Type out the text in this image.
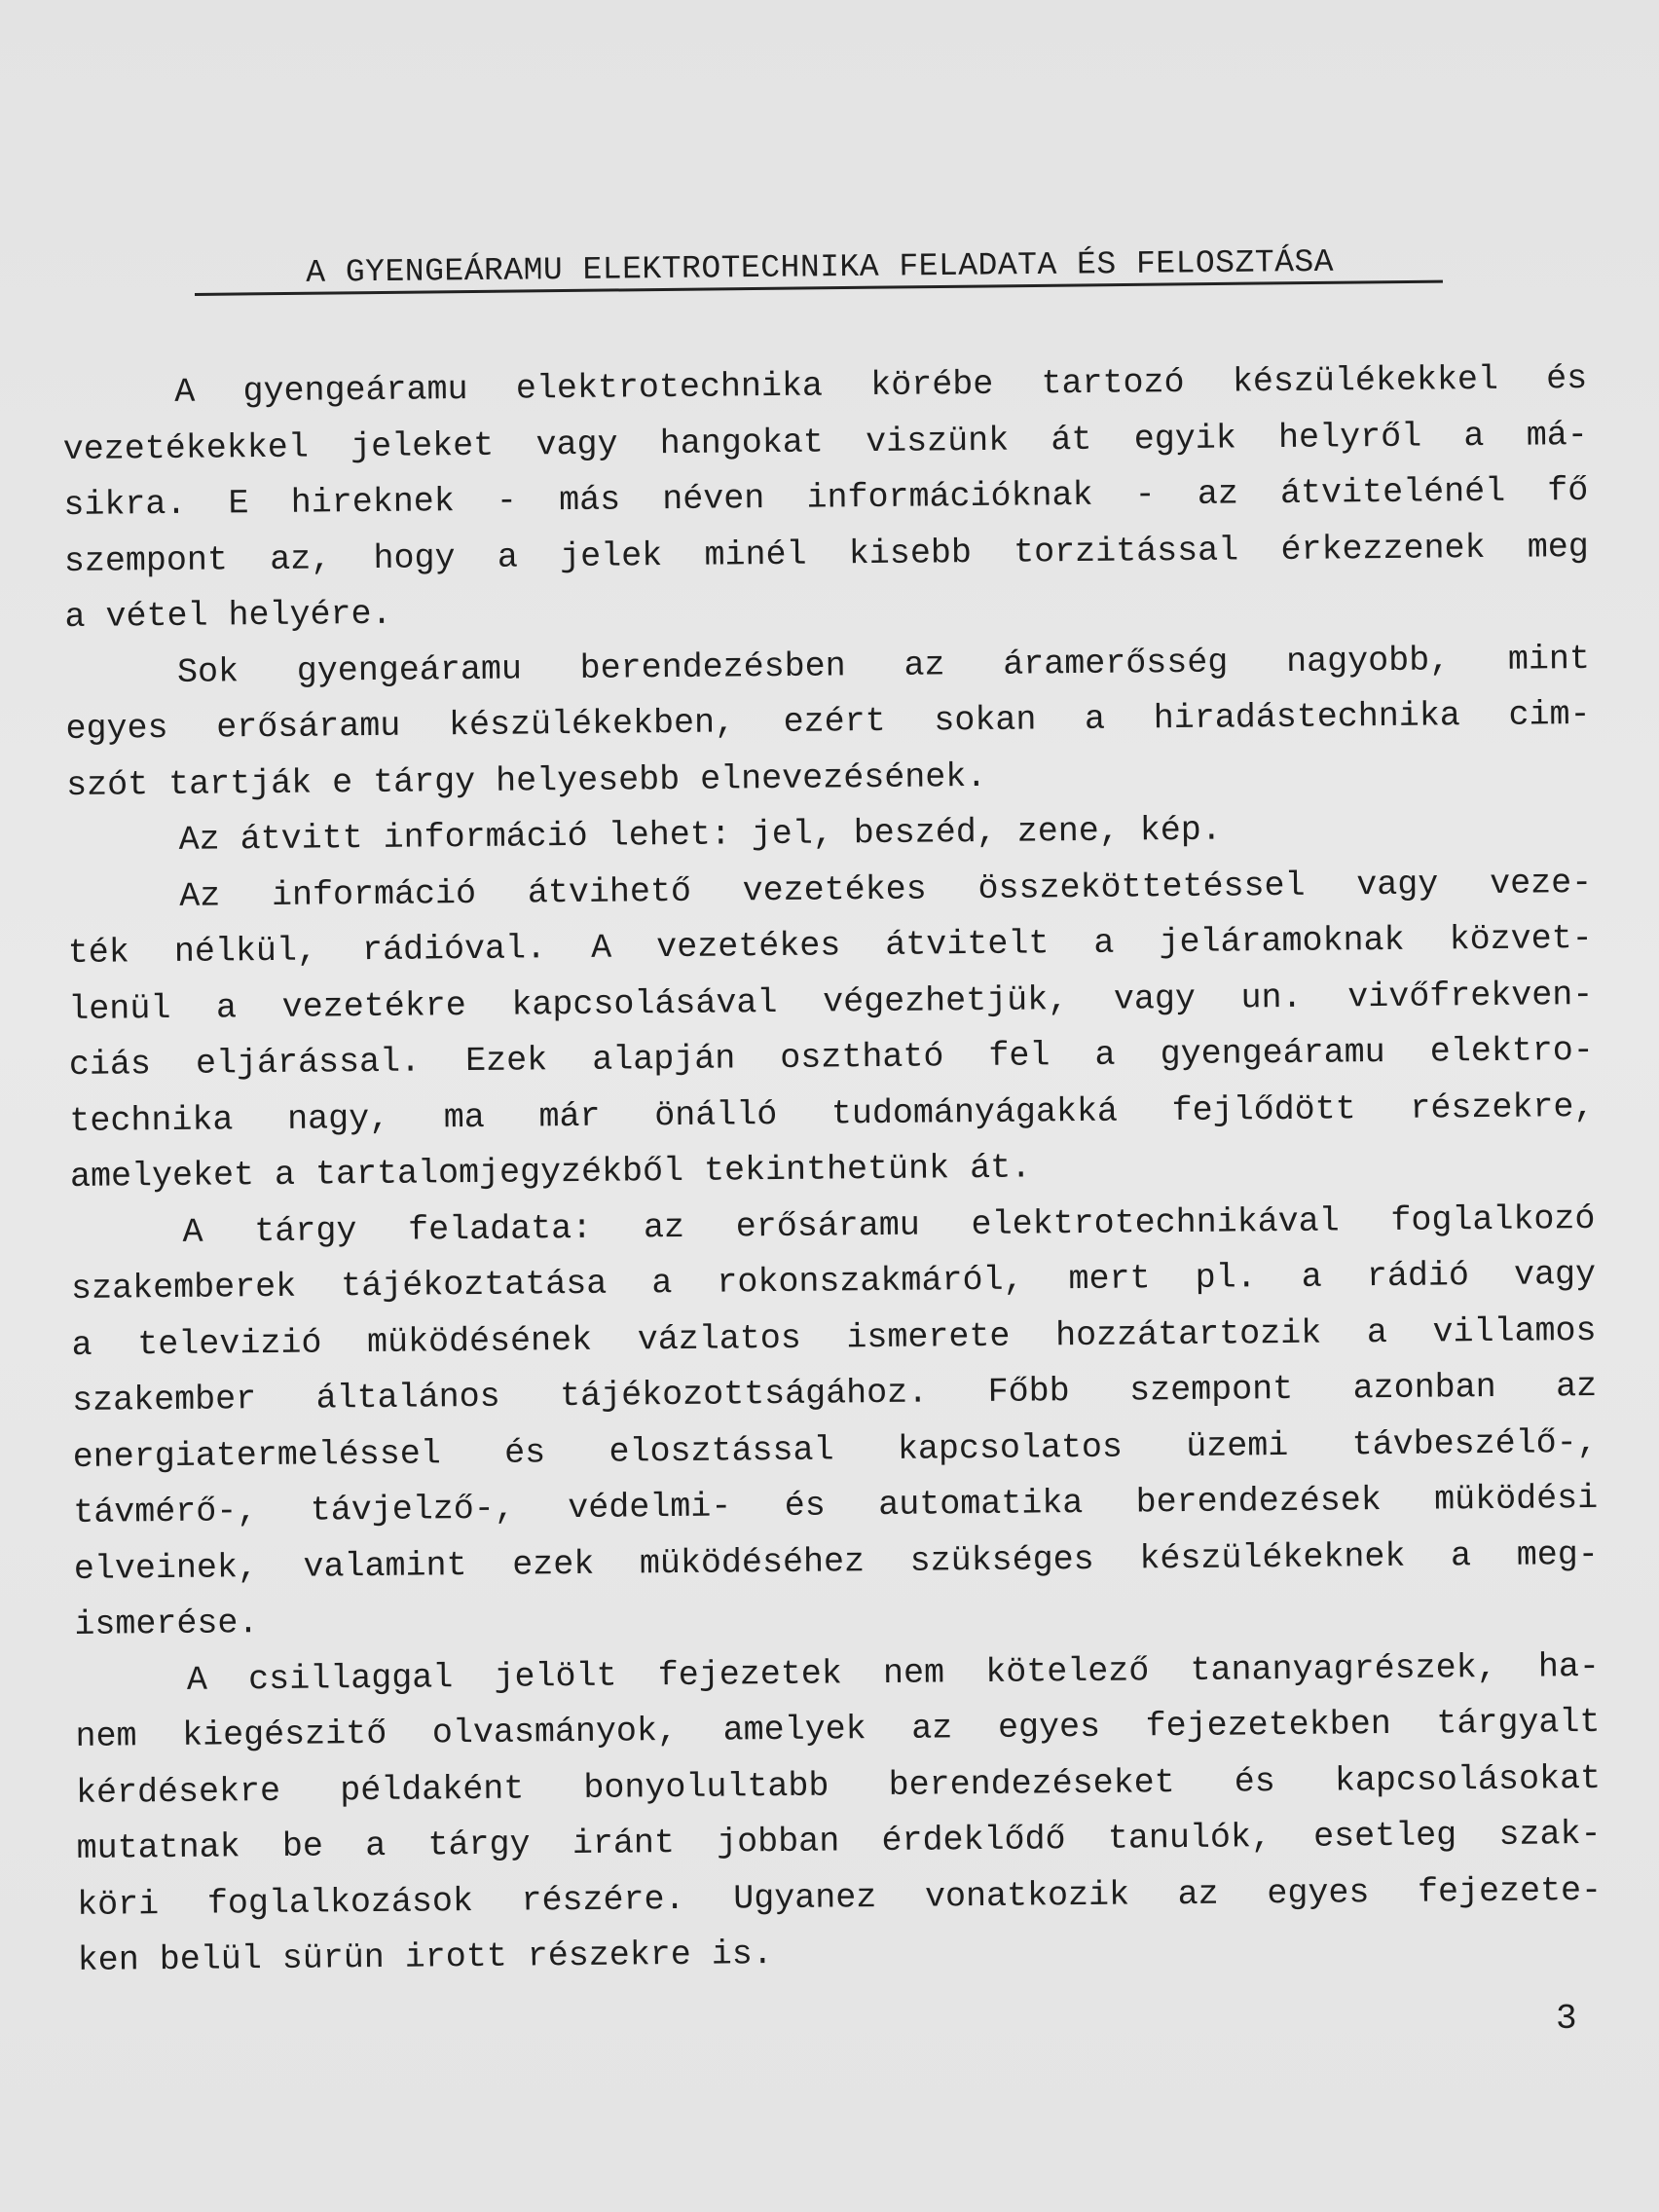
A GYENGEÁRAMU ELEKTROTECHNIKA FELADATA ÉS FELOSZTÁSA
A gyengeáramu elektrotechnika körébe tartozó készülékekkel és
vezetékekkel jeleket vagy hangokat viszünk át egyik helyről a má-
sikra. E hireknek - más néven információknak - az átvitelénél fő
szempont az, hogy a jelek minél kisebb torzitással érkezzenek meg
a vétel helyére.
Sok gyengeáramu berendezésben az áramerősség nagyobb, mint
egyes erősáramu készülékekben, ezért sokan a hiradástechnika cim-
szót tartják e tárgy helyesebb elnevezésének.
Az átvitt információ lehet: jel, beszéd, zene, kép.
Az információ átvihető vezetékes összeköttetéssel vagy veze-
ték nélkül, rádióval. A vezetékes átvitelt a jeláramoknak közvet-
lenül a vezetékre kapcsolásával végezhetjük, vagy un. vivőfrekven-
ciás eljárással. Ezek alapján osztható fel a gyengeáramu elektro-
technika nagy, ma már önálló tudományágakká fejlődött részekre,
amelyeket a tartalomjegyzékből tekinthetünk át.
A tárgy feladata: az erősáramu elektrotechnikával foglalkozó
szakemberek tájékoztatása a rokonszakmáról, mert pl. a rádió vagy
a televizió müködésének vázlatos ismerete hozzátartozik a villamos
szakember általános tájékozottságához. Főbb szempont azonban az
energiatermeléssel és elosztással kapcsolatos üzemi távbeszélő-,
távmérő-, távjelző-, védelmi- és automatika berendezések müködési
elveinek, valamint ezek müködéséhez szükséges készülékeknek a meg-
ismerése.
A csillaggal jelölt fejezetek nem kötelező tananyagrészek, ha-
nem kiegészitő olvasmányok, amelyek az egyes fejezetekben tárgyalt
kérdésekre példaként bonyolultabb berendezéseket és kapcsolásokat
mutatnak be a tárgy iránt jobban érdeklődő tanulók, esetleg szak-
köri foglalkozások részére. Ugyanez vonatkozik az egyes fejezete-
ken belül sürün irott részekre is.
3
